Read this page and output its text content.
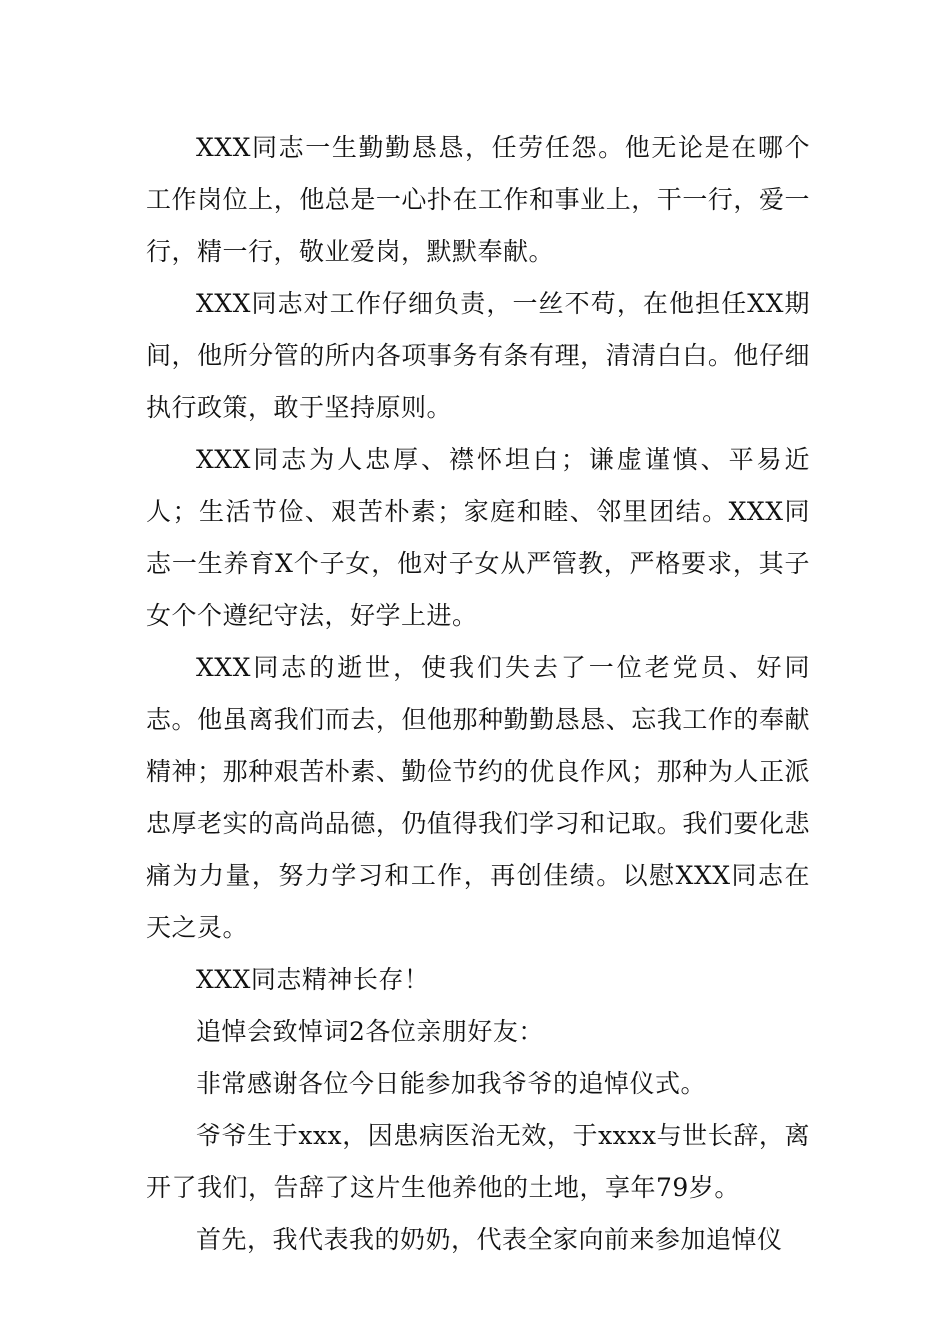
XXX同志一生勤勤恳恳，任劳任怨。他无论是在哪个工作岗位上，他总是一心扑在工作和事业上，干一行，爱一行，精一行，敬业爱岗，默默奉献。

XXX同志对工作仔细负责，一丝不苟，在他担任XX期间，他所分管的所内各项事务有条有理，清清白白。他仔细执行政策，敢于坚持原则。

XXX同志为人忠厚、襟怀坦白；谦虚谨慎、平易近人；生活节俭、艰苦朴素；家庭和睦、邻里团结。XXX同志一生养育X个子女，他对子女从严管教，严格要求，其子女个个遵纪守法，好学上进。

XXX同志的逝世，使我们失去了一位老党员、好同志。他虽离我们而去，但他那种勤勤恳恳、忘我工作的奉献精神；那种艰苦朴素、勤俭节约的优良作风；那种为人正派忠厚老实的高尚品德，仍值得我们学习和记取。我们要化悲痛为力量，努力学习和工作，再创佳绩。以慰XXX同志在天之灵。

XXX同志精神长存！

追悼会致悼词2各位亲朋好友：

非常感谢各位今日能参加我爷爷的追悼仪式。

爷爷生于xxx，因患病医治无效，于xxxx与世长辞，离开了我们，告辞了这片生他养他的土地，享年79岁。

首先，我代表我的奶奶，代表全家向前来参加追悼仪
